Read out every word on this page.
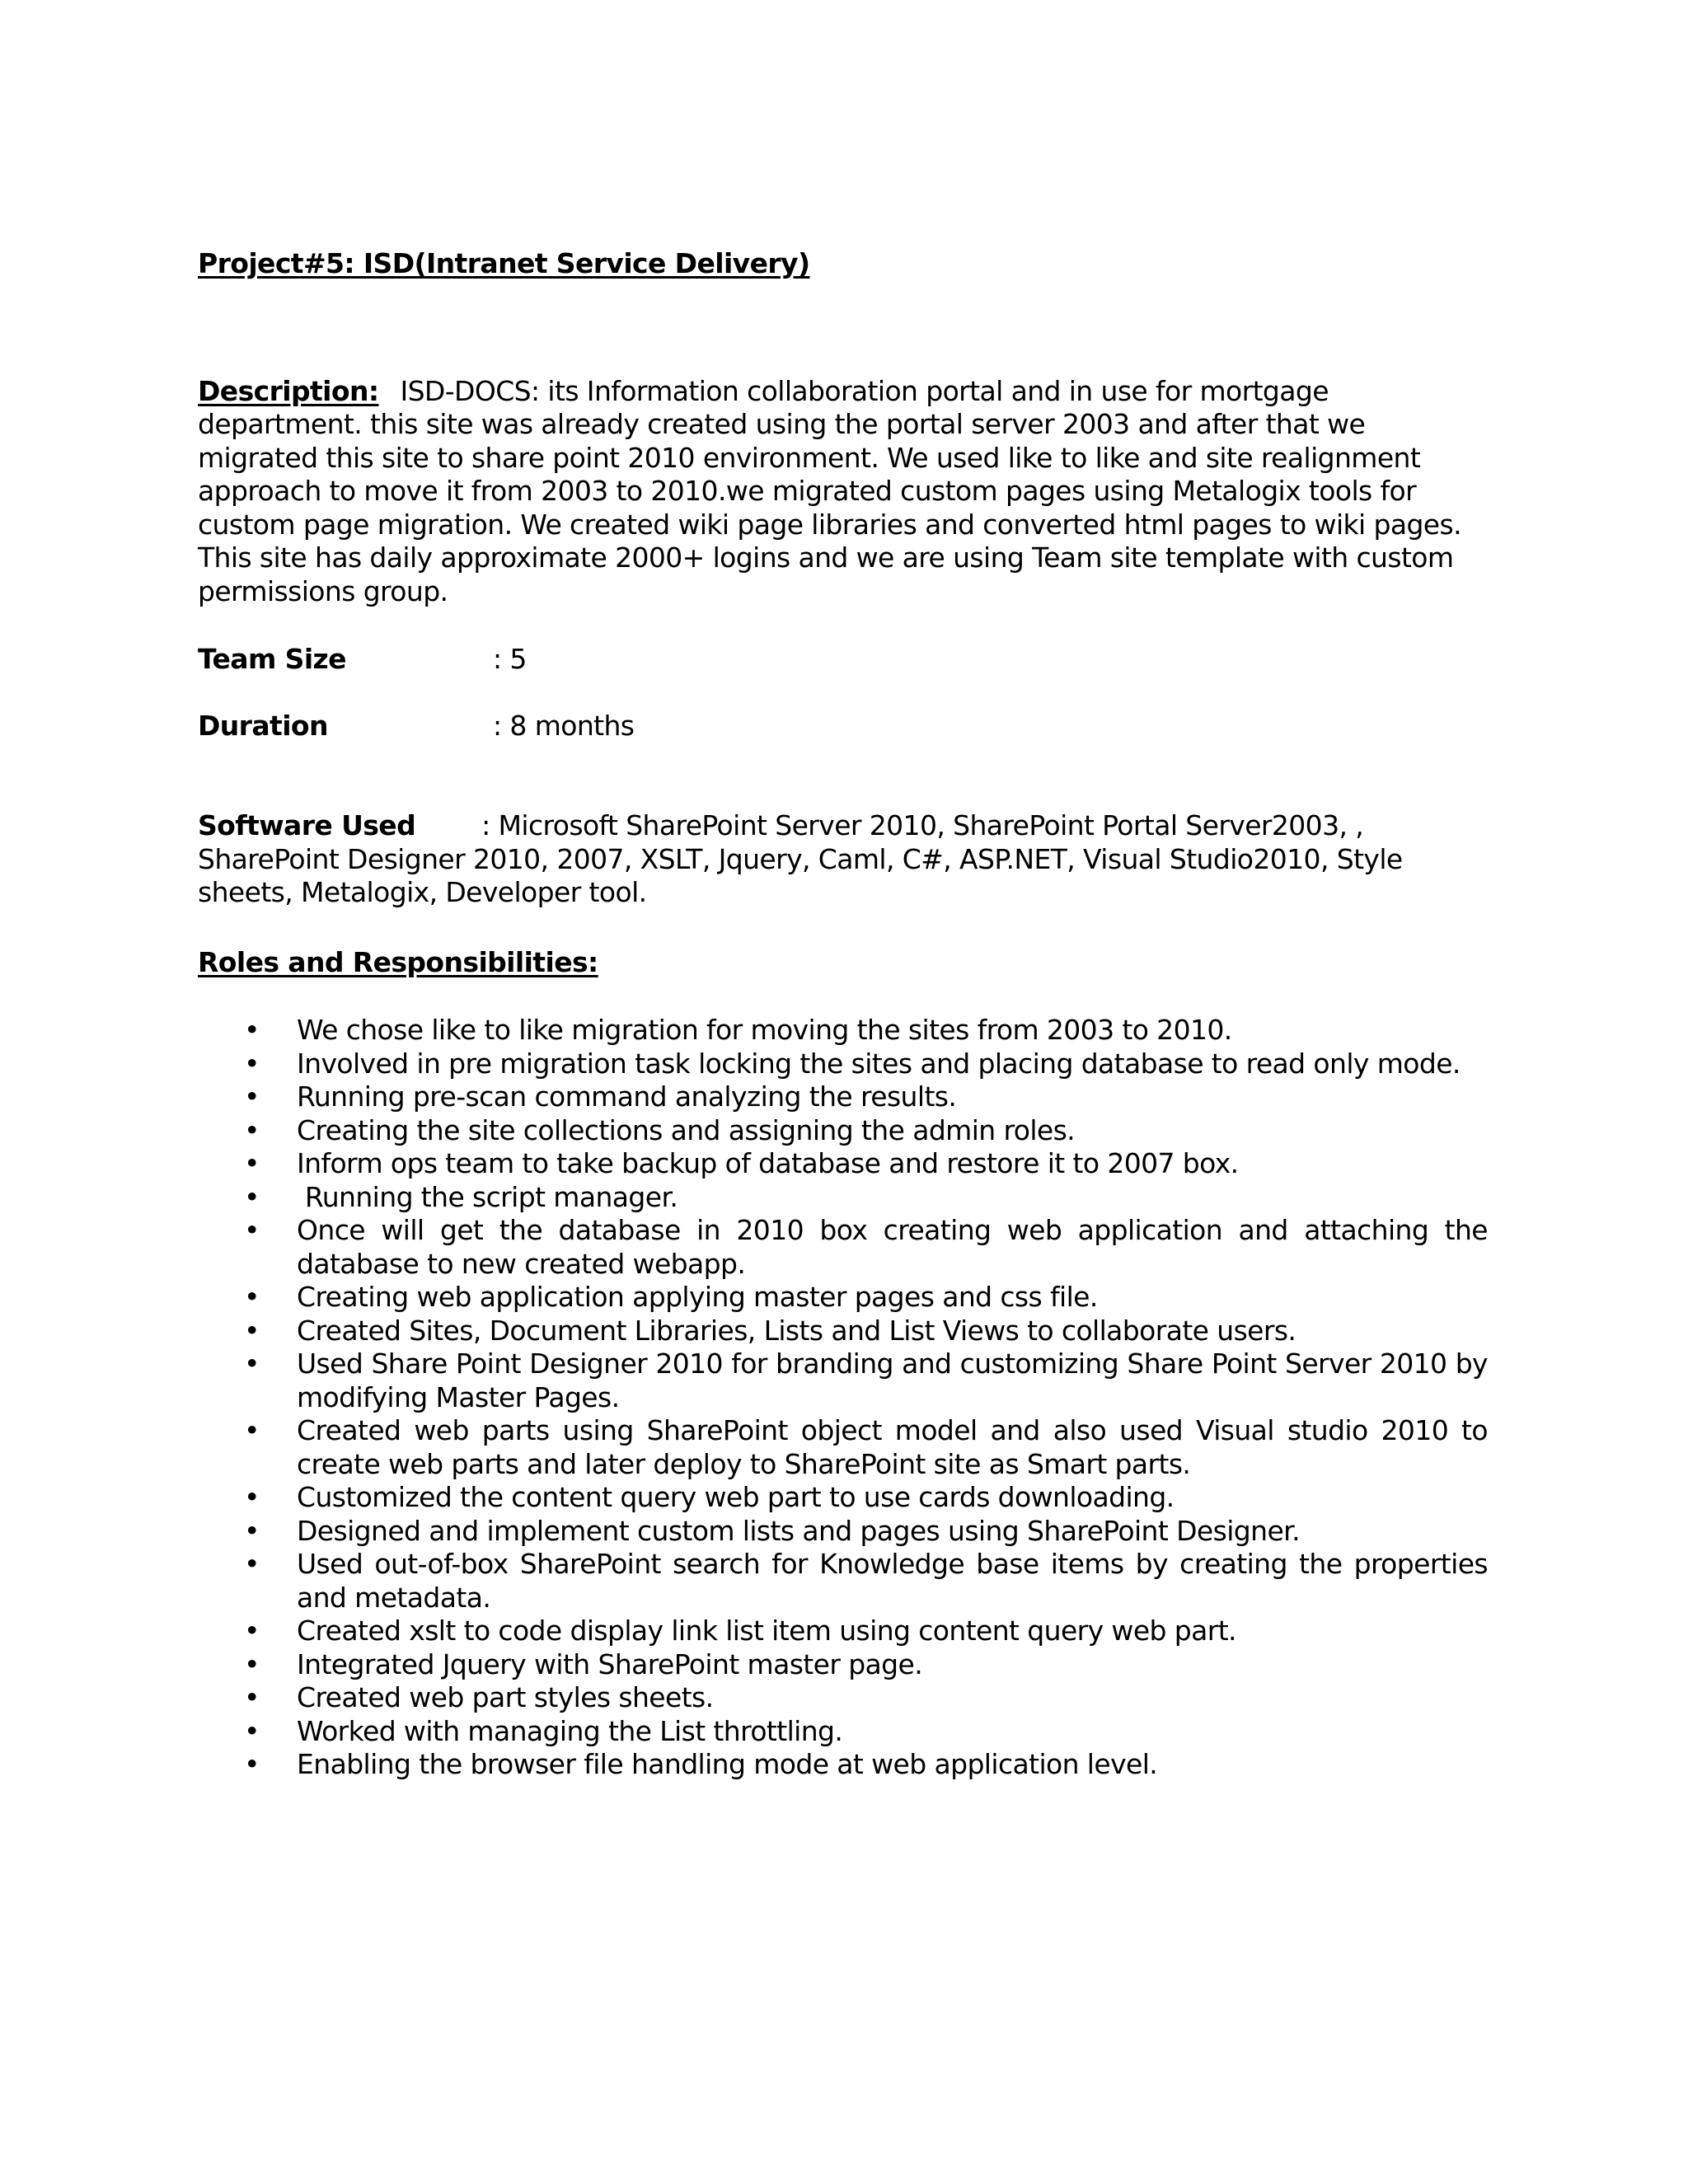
Project#5: ISD(Intranet Service Delivery)
Description: ISD-DOCS: its Information collaboration portal and in use for mortgage department. this site was already created using the portal server 2003 and after that we migrated this site to share point 2010 environment. We used like to like and site realignment approach to move it from 2003 to 2010.we migrated custom pages using Metalogix tools for custom page migration. We created wiki page libraries and converted html pages to wiki pages. This site has daily approximate 2000+ logins and we are using Team site template with custom permissions group.
Team Size	: 5
Duration	: 8 months
Software Used : Microsoft SharePoint Server 2010, SharePoint Portal Server2003, , SharePoint Designer 2010, 2007, XSLT, Jquery, Caml, C#, ASP.NET, Visual Studio2010, Style sheets, Metalogix, Developer tool.
Roles and Responsibilities:
• We chose like to like migration for moving the sites from 2003 to 2010.
• Involved in pre migration task locking the sites and placing database to read only mode.
• Running pre-scan command analyzing the results.
• Creating the site collections and assigning the admin roles.
• Inform ops team to take backup of database and restore it to 2007 box.
• Running the script manager.
• Once will get the database in 2010 box creating web application and attaching the database to new created webapp.
• Creating web application applying master pages and css file.
• Created Sites, Document Libraries, Lists and List Views to collaborate users.
• Used Share Point Designer 2010 for branding and customizing Share Point Server 2010 by modifying Master Pages.
• Created web parts using SharePoint object model and also used Visual studio 2010 to create web parts and later deploy to SharePoint site as Smart parts.
• Customized the content query web part to use cards downloading.
• Designed and implement custom lists and pages using SharePoint Designer.
• Used out-of-box SharePoint search for Knowledge base items by creating the properties and metadata.
• Created xslt to code display link list item using content query web part.
• Integrated Jquery with SharePoint master page.
• Created web part styles sheets.
• Worked with managing the List throttling.
• Enabling the browser file handling mode at web application level.
